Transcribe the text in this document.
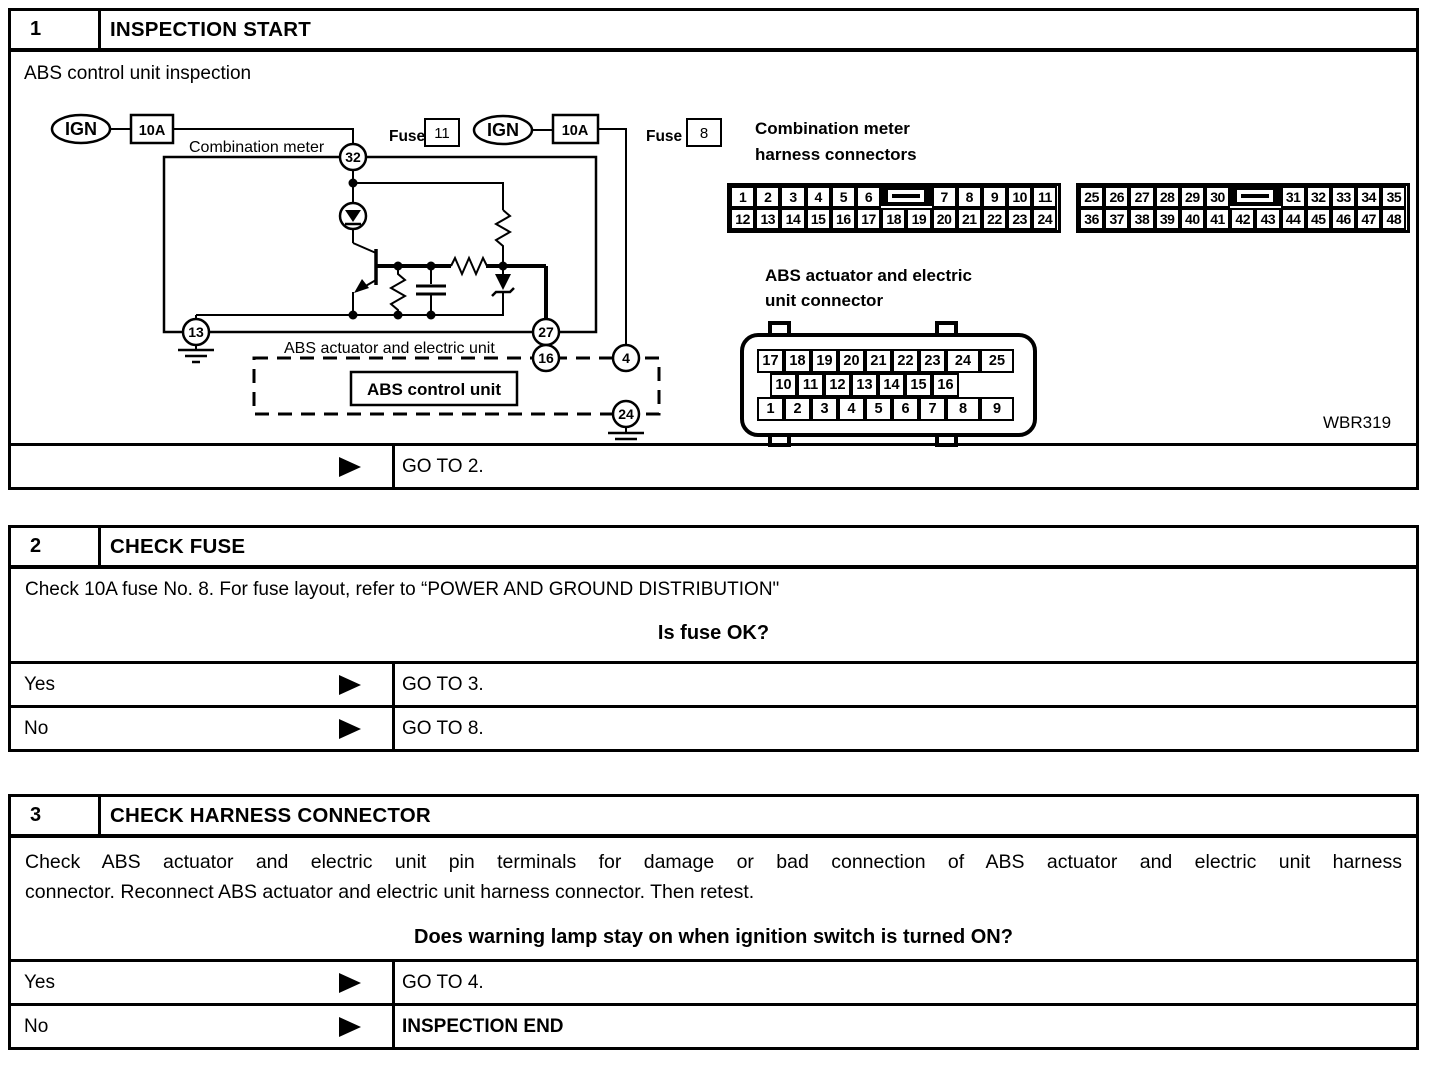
1	INSPECTION START
ABS control unit inspection
IGN	10A	Fuse 11 IGN	10A	Fuse 8
Combination meter
ABS actuator and electric unit
ABS control unit
32
13	27
16	4
24
Combination meter
harness connectors
1	2	3	4	5	6	7	8	9	10 11
12 13 14 15 16 17 18 19 20 21 22 23 24
25 26 27 28 29 30	31 32 33 34 35
36 37 38 39 40 41 42 43 44 45 46 47 48
ABS actuator and electric
unit connector
17 18 19 20 21 22 23 24	25
10 11 12 13 14 15 16
1	2	3	4	5	6	7	8	9
WBR319
GO TO 2.
2	CHECK FUSE
Check 10A fuse No. 8. For fuse layout, refer to “POWER AND GROUND DISTRIBUTION"
Is fuse OK?
Yes	GO TO 3.
No	GO TO 8.
3	CHECK HARNESS CONNECTOR
Check ABS actuator and electric unit pin terminals for damage or bad connection of ABS actuator and electric unit harness
connector. Reconnect ABS actuator and electric unit harness connector. Then retest.
Does warning lamp stay on when ignition switch is turned ON?
Yes	GO TO 4.
No	INSPECTION END
